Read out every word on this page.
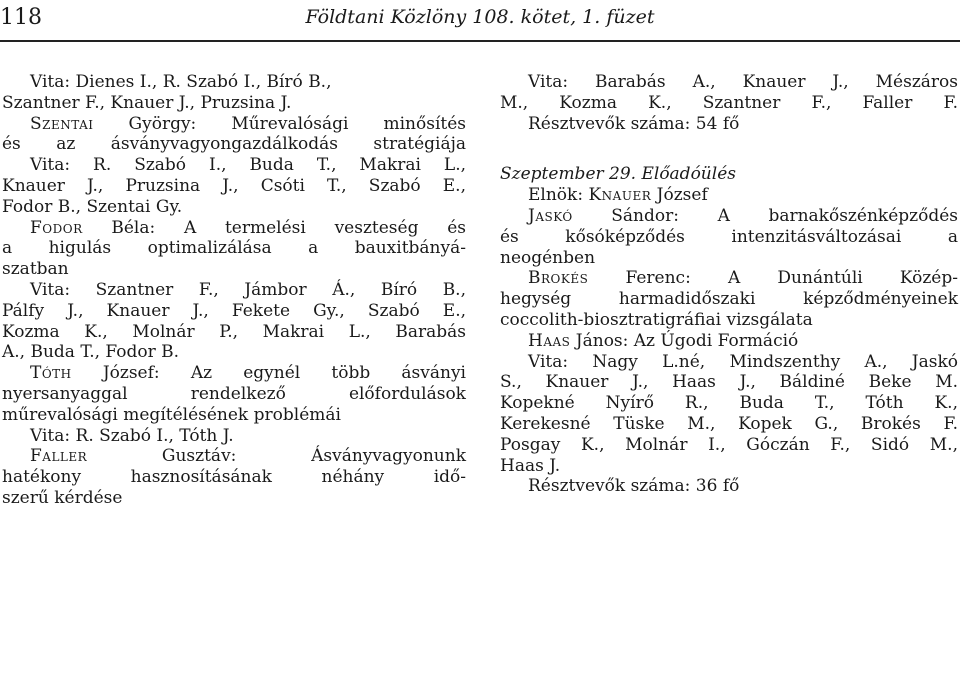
118	Földtani Közlöny 108. kötet, 1. füzet

Vita: Dienes I., R. Szabó I., Bíró B.,

Szantner F., Knauer J., Pruzsina J.

Szentai György: Műrevalósági minősítés

és az ásványvagyongazdálkodás stratégiája

Vita: R. Szabó I., Buda T., Makrai L.,

Knauer J., Pruzsina J., Csóti T., Szabó E.,

Fodor B., Szentai Gy.

Fodor Béla: A termelési veszteség és

a higulás optimalizálása a bauxitbányá-

szatban

Vita: Szantner F., Jámbor Á., Bíró B.,

Pálfy J., Knauer J., Fekete Gy., Szabó E.,

Kozma K., Molnár P., Makrai L., Barabás

A., Buda T., Fodor B.

Tóth József: Az egynél több ásványi

nyersanyaggal rendelkező előfordulások

műrevalósági megítélésének problémái

Vita: R. Szabó I., Tóth J.

Faller Gusztáv: Ásványvagyonunk

hatékony hasznosításának néhány idő-

szerű kérdése

Vita: Barabás A., Knauer J., Mészáros

M., Kozma K., Szantner F., Faller F.

Résztvevők száma: 54 fő

Szeptember 29. Előadóülés

Elnök: Knauer József

Jaskó Sándor: A barnakőszénképződés

és kősóképződés intenzitásváltozásai a

neogénben

Brokés Ferenc: A Dunántúli Közép-

hegység harmadidőszaki képződményeinek

coccolith-biosztratigráfiai vizsgálata

Haas János: Az Úgodi Formáció

Vita: Nagy L.né, Mindszenthy A., Jaskó

S., Knauer J., Haas J., Báldiné Beke M.

Kopekné Nyírő R., Buda T., Tóth K.,

Kerekesné Tüske M., Kopek G., Brokés F.

Posgay K., Molnár I., Góczán F., Sidó M.,

Haas J.

Résztvevők száma: 36 fő
